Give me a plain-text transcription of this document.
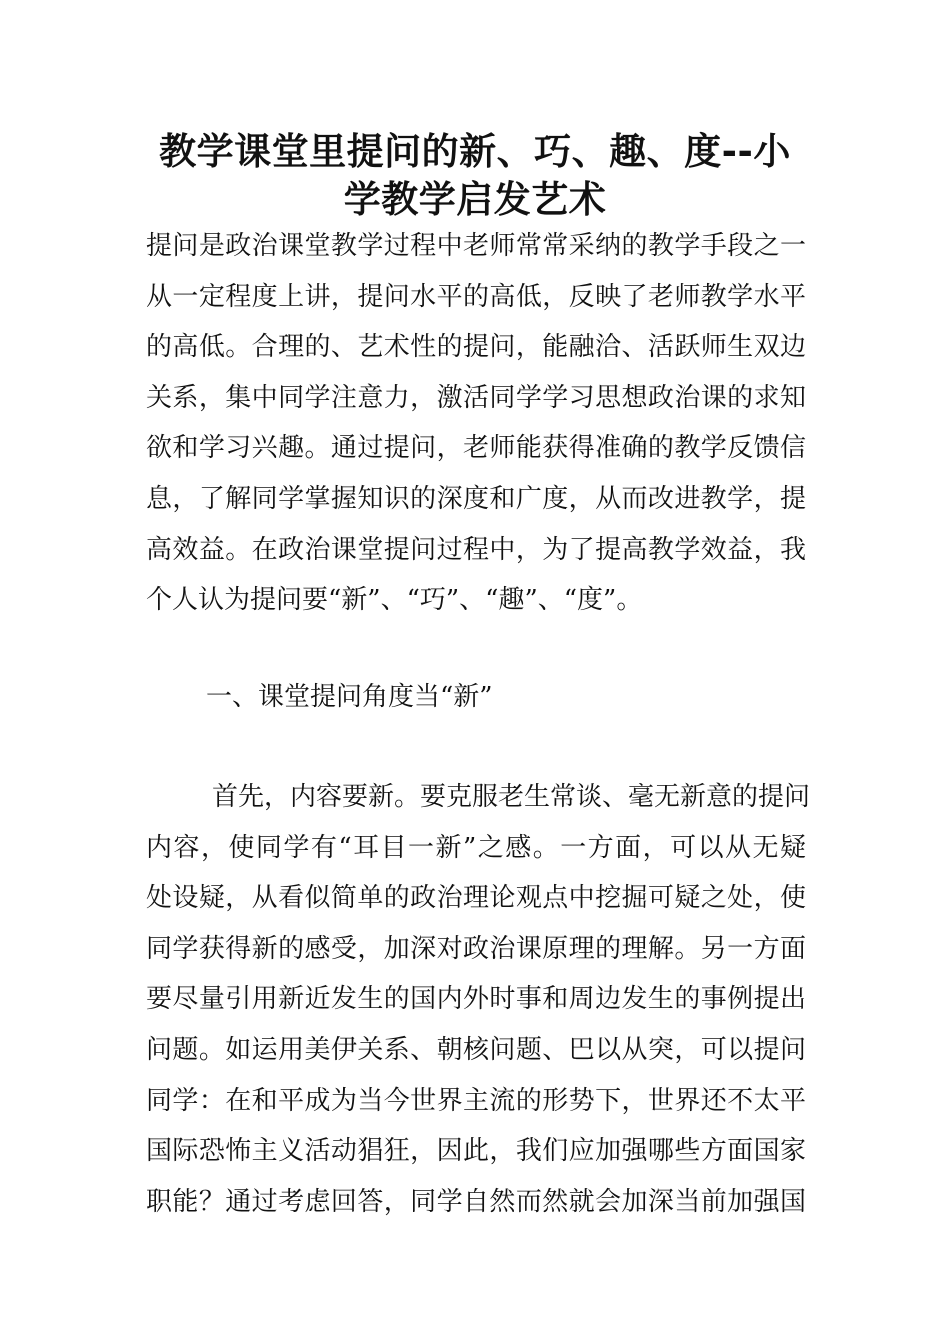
教学课堂里提问的新、巧、趣、度--小
学教学启发艺术

提问是政治课堂教学过程中老师常常采纳的教学手段之一
从一定程度上讲，提问水平的高低，反映了老师教学水平
的高低。合理的、艺术性的提问，能融洽、活跃师生双边
关系，集中同学注意力，激活同学学习思想政治课的求知
欲和学习兴趣。通过提问，老师能获得准确的教学反馈信
息，了解同学掌握知识的深度和广度，从而改进教学，提
高效益。在政治课堂提问过程中，为了提高教学效益，我
个人认为提问要“新”、“巧”、“趣”、“度”。

一、课堂提问角度当“新”

首先，内容要新。要克服老生常谈、毫无新意的提问
内容，使同学有“耳目一新”之感。一方面，可以从无疑
处设疑，从看似简单的政治理论观点中挖掘可疑之处，使
同学获得新的感受，加深对政治课原理的理解。另一方面
要尽量引用新近发生的国内外时事和周边发生的事例提出
问题。如运用美伊关系、朝核问题、巴以从突，可以提问
同学：在和平成为当今世界主流的形势下，世界还不太平
国际恐怖主义活动猖狂，因此，我们应加强哪些方面国家
职能？通过考虑回答，同学自然而然就会加深当前加强国
